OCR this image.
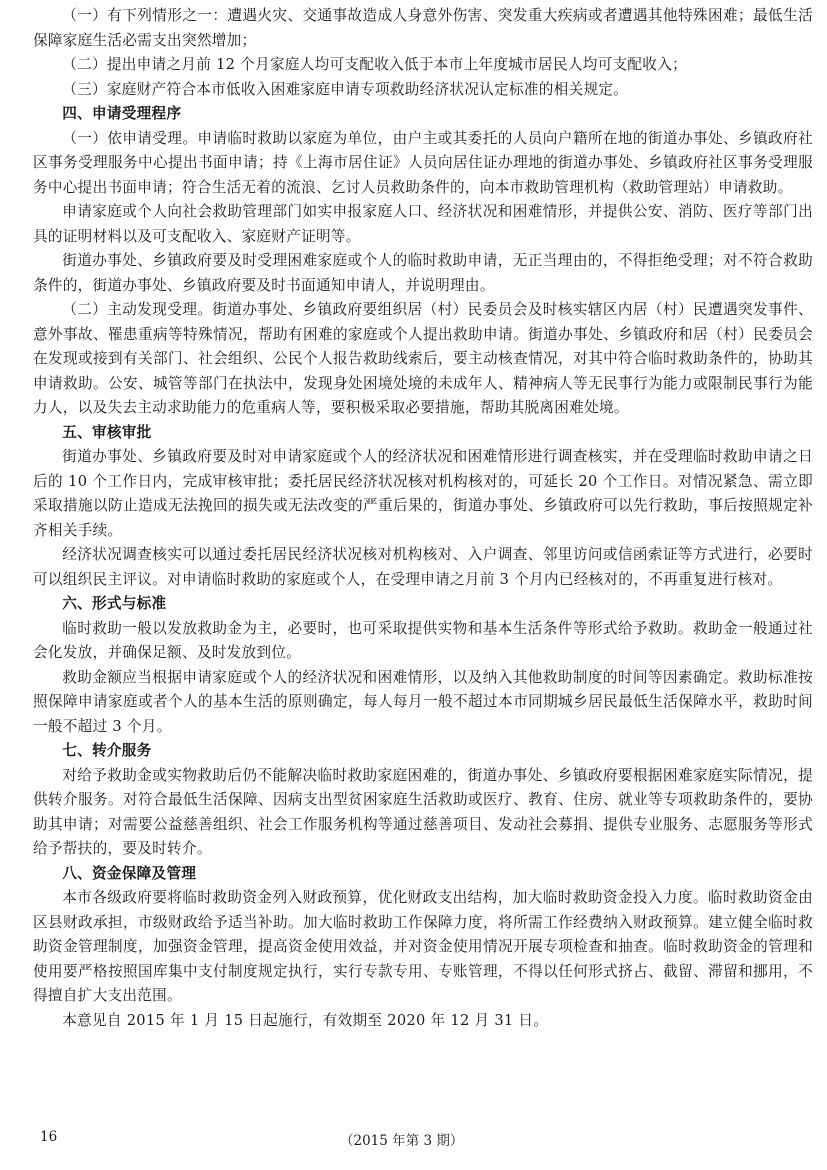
（一）有下列情形之一：遭遇火灾、交通事故造成人身意外伤害、突发重大疾病或者遭遇其他特殊困难；最低生活保障家庭生活必需支出突然增加；

（二）提出申请之月前 12 个月家庭人均可支配收入低于本市上年度城市居民人均可支配收入；

（三）家庭财产符合本市低收入困难家庭申请专项救助经济状况认定标准的相关规定。

四、申请受理程序

（一）依申请受理。申请临时救助以家庭为单位，由户主或其委托的人员向户籍所在地的街道办事处、乡镇政府社区事务受理服务中心提出书面申请；持《上海市居住证》人员向居住证办理地的街道办事处、乡镇政府社区事务受理服务中心提出书面申请；符合生活无着的流浪、乞讨人员救助条件的，向本市救助管理机构（救助管理站）申请救助。

申请家庭或个人向社会救助管理部门如实申报家庭人口、经济状况和困难情形，并提供公安、消防、医疗等部门出具的证明材料以及可支配收入、家庭财产证明等。

街道办事处、乡镇政府要及时受理困难家庭或个人的临时救助申请，无正当理由的，不得拒绝受理；对不符合救助条件的，街道办事处、乡镇政府要及时书面通知申请人，并说明理由。

（二）主动发现受理。街道办事处、乡镇政府要组织居（村）民委员会及时核实辖区内居（村）民遭遇突发事件、意外事故、罹患重病等特殊情况，帮助有困难的家庭或个人提出救助申请。街道办事处、乡镇政府和居（村）民委员会在发现或接到有关部门、社会组织、公民个人报告救助线索后，要主动核查情况，对其中符合临时救助条件的，协助其申请救助。公安、城管等部门在执法中，发现身处困境处境的未成年人、精神病人等无民事行为能力或限制民事行为能力人，以及失去主动求助能力的危重病人等，要积极采取必要措施，帮助其脱离困难处境。

五、审核审批

街道办事处、乡镇政府要及时对申请家庭或个人的经济状况和困难情形进行调查核实，并在受理临时救助申请之日后的 10 个工作日内，完成审核审批；委托居民经济状况核对机构核对的，可延长 20 个工作日。对情况紧急、需立即采取措施以防止造成无法挽回的损失或无法改变的严重后果的，街道办事处、乡镇政府可以先行救助，事后按照规定补齐相关手续。

经济状况调查核实可以通过委托居民经济状况核对机构核对、入户调查、邻里访问或信函索证等方式进行，必要时可以组织民主评议。对申请临时救助的家庭或个人，在受理申请之月前 3 个月内已经核对的，不再重复进行核对。

六、形式与标准

临时救助一般以发放救助金为主，必要时，也可采取提供实物和基本生活条件等形式给予救助。救助金一般通过社会化发放，并确保足额、及时发放到位。

救助金额应当根据申请家庭或个人的经济状况和困难情形，以及纳入其他救助制度的时间等因素确定。救助标准按照保障申请家庭或者个人的基本生活的原则确定，每人每月一般不超过本市同期城乡居民最低生活保障水平，救助时间一般不超过 3 个月。

七、转介服务

对给予救助金或实物救助后仍不能解决临时救助家庭困难的，街道办事处、乡镇政府要根据困难家庭实际情况，提供转介服务。对符合最低生活保障、因病支出型贫困家庭生活救助或医疗、教育、住房、就业等专项救助条件的，要协助其申请；对需要公益慈善组织、社会工作服务机构等通过慈善项目、发动社会募捐、提供专业服务、志愿服务等形式给予帮扶的，要及时转介。

八、资金保障及管理

本市各级政府要将临时救助资金列入财政预算，优化财政支出结构，加大临时救助资金投入力度。临时救助资金由区县财政承担，市级财政给予适当补助。加大临时救助工作保障力度，将所需工作经费纳入财政预算。建立健全临时救助资金管理制度，加强资金管理，提高资金使用效益，并对资金使用情况开展专项检查和抽查。临时救助资金的管理和使用要严格按照国库集中支付制度规定执行，实行专款专用、专账管理，不得以任何形式挤占、截留、滞留和挪用，不得擅自扩大支出范围。

本意见自 2015 年 1 月 15 日起施行，有效期至 2020 年 12 月 31 日。

16	（2015 年第 3 期）
